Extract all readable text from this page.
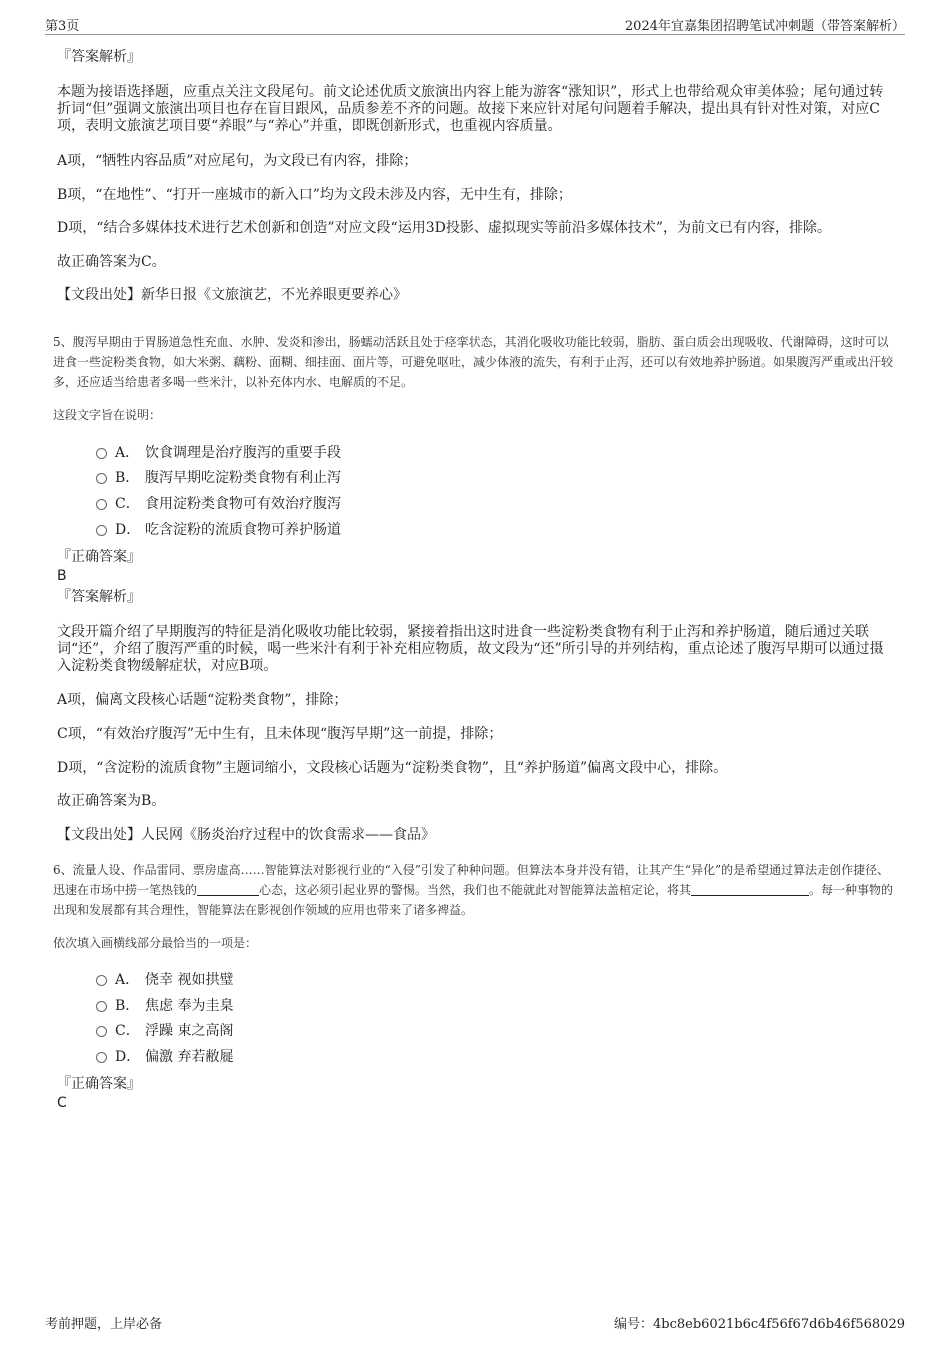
第3页	2024年宜嘉集团招聘笔试冲刺题（带答案解析）
『答案解析』
本题为接语选择题，应重点关注文段尾句。前文论述优质文旅演出内容上能为游客“涨知识”，形式上也带给观众审美体验；尾句通过转折词“但”强调文旅演出项目也存在盲目跟风，品质参差不齐的问题。故接下来应针对尾句问题着手解决，提出具有针对性对策，对应C项，表明文旅演艺项目要“养眼”与“养心”并重，即既创新形式，也重视内容质量。
A项，“牺牲内容品质”对应尾句，为文段已有内容，排除；
B项，“在地性”、“打开一座城市的新入口”均为文段未涉及内容，无中生有，排除；
D项，“结合多媒体技术进行艺术创新和创造”对应文段“运用3D投影、虚拟现实等前沿多媒体技术”，为前文已有内容，排除。
故正确答案为C。
【文段出处】新华日报《文旅演艺，不光养眼更要养心》
5、腹泻早期由于胃肠道急性充血、水肿、发炎和渗出，肠蠕动活跃且处于痉挛状态，其消化吸收功能比较弱，脂肪、蛋白质会出现吸收、代谢障碍，这时可以进食一些淀粉类食物，如大米粥、藕粉、面糊、细挂面、面片等，可避免呕吐，减少体液的流失，有利于止泻，还可以有效地养护肠道。如果腹泻严重或出汗较多，还应适当给患者多喝一些米汁，以补充体内水、电解质的不足。
这段文字旨在说明：
A． 饮食调理是治疗腹泻的重要手段
B． 腹泻早期吃淀粉类食物有利止泻
C． 食用淀粉类食物可有效治疗腹泻
D． 吃含淀粉的流质食物可养护肠道
『正确答案』
B
『答案解析』
文段开篇介绍了早期腹泻的特征是消化吸收功能比较弱，紧接着指出这时进食一些淀粉类食物有利于止泻和养护肠道，随后通过关联词“还”，介绍了腹泻严重的时候，喝一些米汁有利于补充相应物质，故文段为“还”所引导的并列结构，重点论述了腹泻早期可以通过摄入淀粉类食物缓解症状，对应B项。
A项，偏离文段核心话题“淀粉类食物”，排除；
C项，“有效治疗腹泻”无中生有，且未体现“腹泻早期”这一前提，排除；
D项，“含淀粉的流质食物”主题词缩小，文段核心话题为“淀粉类食物”，且“养护肠道”偏离文段中心，排除。
故正确答案为B。
【文段出处】人民网《肠炎治疗过程中的饮食需求——食品》
6、流量人设、作品雷同、票房虚高……智能算法对影视行业的“入侵”引发了种种问题。但算法本身并没有错，让其产生“异化”的是希望通过算法走创作捷径、迅速在市场中捞一笔热钱的	心态，这必须引起业界的警惕。当然，我们也不能就此对智能算法盖棺定论，将其	。每一种事物的出现和发展都有其合理性，智能算法在影视创作领域的应用也带来了诸多裨益。
依次填入画横线部分最恰当的一项是：
A． 侥幸 视如拱璧
B． 焦虑 奉为圭臬
C． 浮躁 束之高阁
D． 偏激 弃若敝屣
『正确答案』
C
考前押题，上岸必备	编号：4bc8eb6021b6c4f56f67d6b46f568029
